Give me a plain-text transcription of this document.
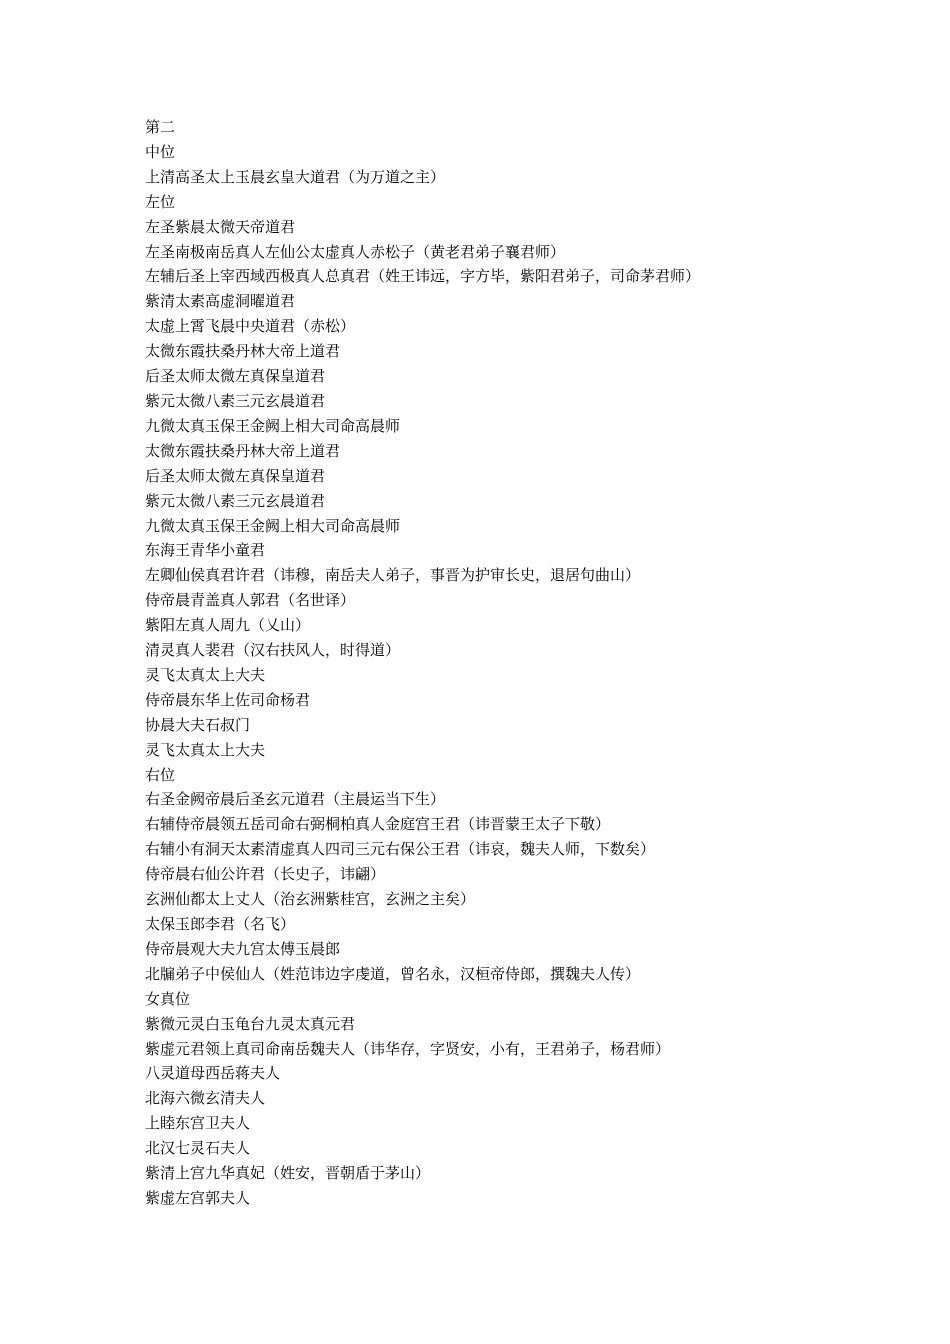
第二
中位
上清高圣太上玉晨玄皇大道君（为万道之主）
左位
左圣紫晨太微天帝道君
左圣南极南岳真人左仙公太虚真人赤松子（黄老君弟子襄君师）
左辅后圣上宰西域西极真人总真君（姓王讳远，字方毕，紫阳君弟子，司命茅君师）
紫清太素高虚洞曜道君
太虚上霄飞晨中央道君（赤松）
太微东霞扶桑丹林大帝上道君
后圣太师太微左真保皇道君
紫元太微八素三元玄晨道君
九微太真玉保王金阙上相大司命高晨师
太微东霞扶桑丹林大帝上道君
后圣太师太微左真保皇道君
紫元太微八素三元玄晨道君
九微太真玉保王金阙上相大司命高晨师
东海王青华小童君
左卿仙侯真君许君（讳穆，南岳夫人弟子，事晋为护审长史，退居句曲山）
侍帝晨青盖真人郭君（名世译）
紫阳左真人周九（乂山）
清灵真人裴君（汉右扶风人，时得道）
灵飞太真太上大夫
侍帝晨东华上佐司命杨君
协晨大夫石叔门
灵飞太真太上大夫
右位
右圣金阙帝晨后圣玄元道君（主晨运当下生）
右辅侍帝晨领五岳司命右弼桐柏真人金庭宫王君（讳晋蒙王太子下敬）
右辅小有洞天太素清虚真人四司三元右保公王君（讳哀，魏夫人师，下数矣）
侍帝晨右仙公许君（长史子，讳翩）
玄洲仙都太上丈人（治玄洲紫桂宫，玄洲之主矣）
太保玉郎李君（名飞）
侍帝晨观大夫九宫太傅玉晨郎
北牖弟子中侯仙人（姓范讳边字虔道，曾名永，汉桓帝侍郎，撰魏夫人传）
女真位
紫微元灵白玉龟台九灵太真元君
紫虚元君领上真司命南岳魏夫人（讳华存，字贤安，小有，王君弟子，杨君师）
八灵道母西岳蒋夫人
北海六微玄清夫人
上睦东宫卫夫人
北汉七灵石夫人
紫清上宫九华真妃（姓安，晋朝盾于茅山）
紫虚左宫郭夫人
